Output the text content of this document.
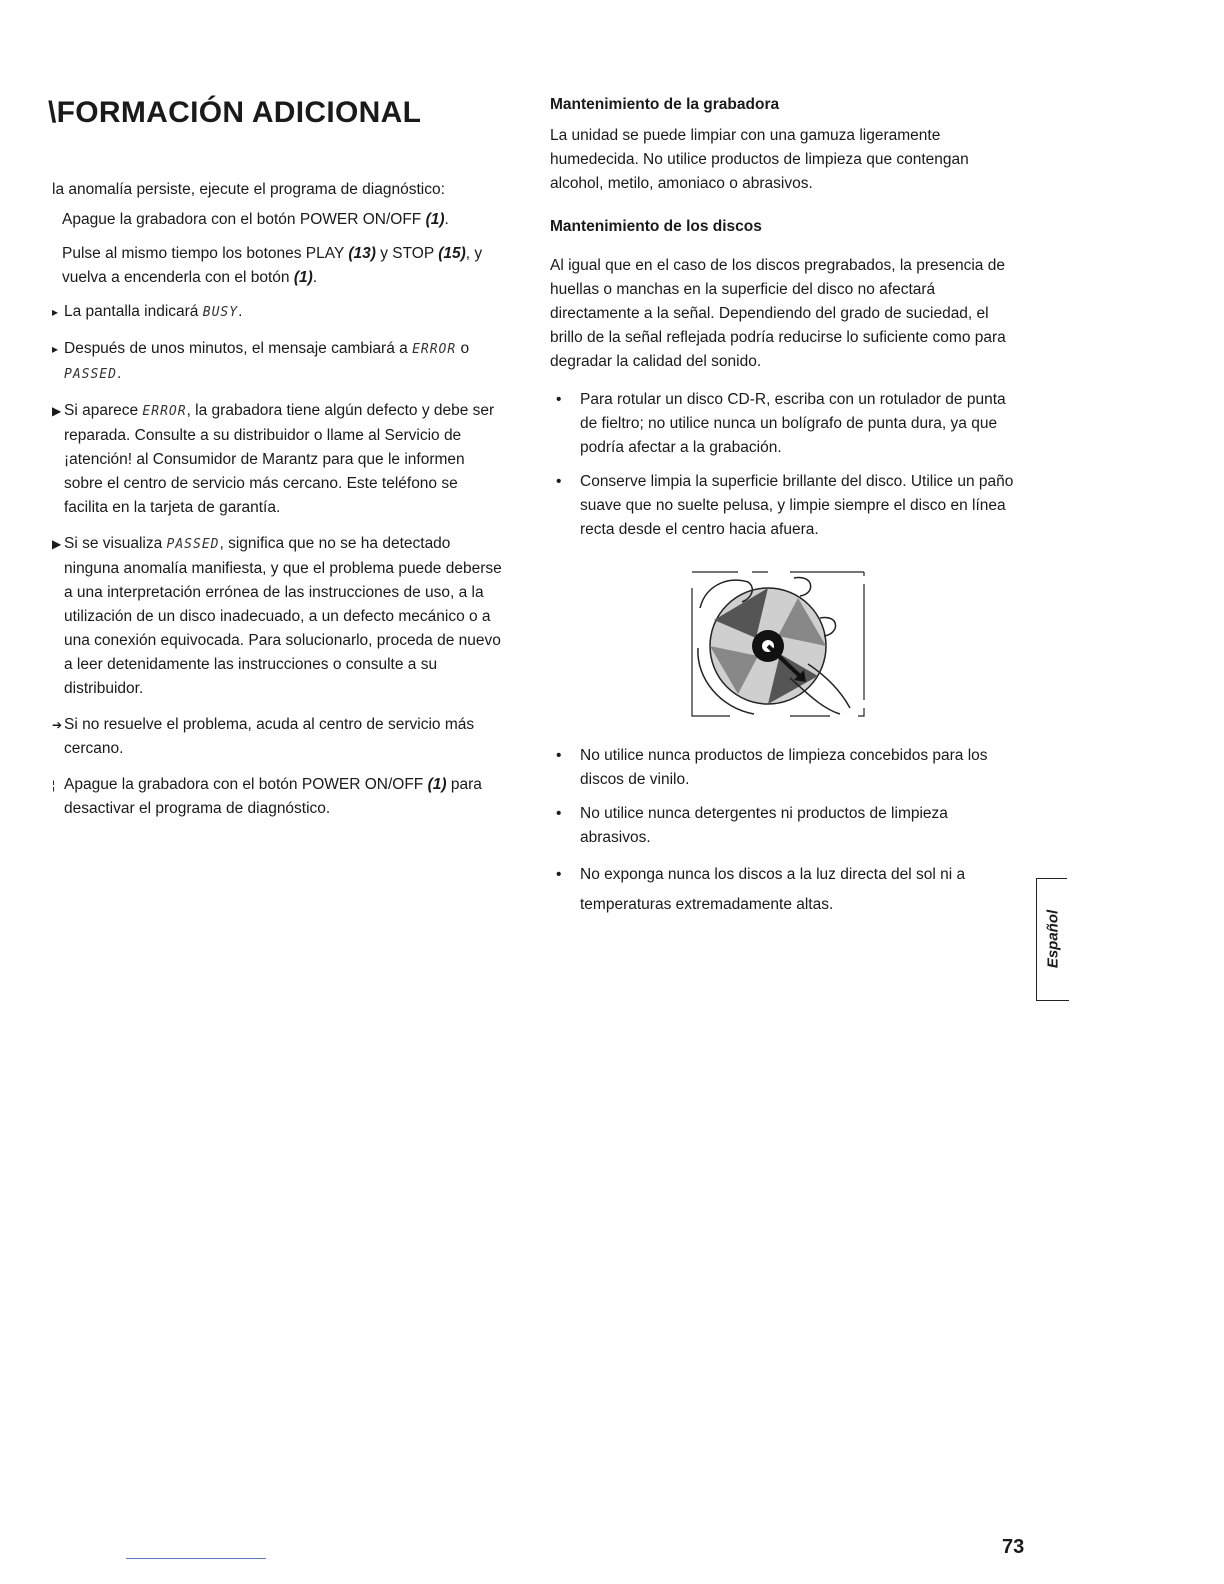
\FORMACIÓN ADICIONAL

la anomalía persiste, ejecute el programa de diagnóstico:

Apague la grabadora con el botón POWER ON/OFF (1).

Pulse al mismo tiempo los botones PLAY (13) y STOP (15), y vuelva a encenderla con el botón (1).

▸ La pantalla indicará BUSY.

▸ Después de unos minutos, el mensaje cambiará a ERROR o PASSED.

▶ Si aparece ERROR, la grabadora tiene algún defecto y debe ser reparada. Consulte a su distribuidor o llame al Servicio de ¡atención! al Consumidor de Marantz para que le informen sobre el centro de servicio más cercano. Este teléfono se facilita en la tarjeta de garantía.

▶ Si se visualiza PASSED, significa que no se ha detectado ninguna anomalía manifiesta, y que el problema puede deberse a una interpretación errónea de las instrucciones de uso, a la utilización de un disco inadecuado, a un defecto mecánico o a una conexión equivocada. Para solucionarlo, proceda de nuevo a leer detenidamente las instrucciones o consulte a su distribuidor.

➔ Si no resuelve el problema, acuda al centro de servicio más cercano.

¦ Apague la grabadora con el botón POWER ON/OFF (1) para desactivar el programa de diagnóstico.

Mantenimiento de la grabadora

La unidad se puede limpiar con una gamuza ligeramente humedecida. No utilice productos de limpieza que contengan alcohol, metilo, amoniaco o abrasivos.

Mantenimiento de los discos

Al igual que en el caso de los discos pregrabados, la presencia de huellas o manchas en la superficie del disco no afectará directamente a la señal. Dependiendo del grado de suciedad, el brillo de la señal reflejada podría reducirse lo suficiente como para degradar la calidad del sonido.

• Para rotular un disco CD-R, escriba con un rotulador de punta de fieltro; no utilice nunca un bolígrafo de punta dura, ya que podría afectar a la grabación.
• Conserve limpia la superficie brillante del disco. Utilice un paño suave que no suelte pelusa, y limpie siempre el disco en línea recta desde el centro hacia afuera.
• No utilice nunca productos de limpieza concebidos para los discos de vinilo.
• No utilice nunca detergentes ni productos de limpieza abrasivos.
• No exponga nunca los discos a la luz directa del sol ni a temperaturas extremadamente altas.
Español
73
